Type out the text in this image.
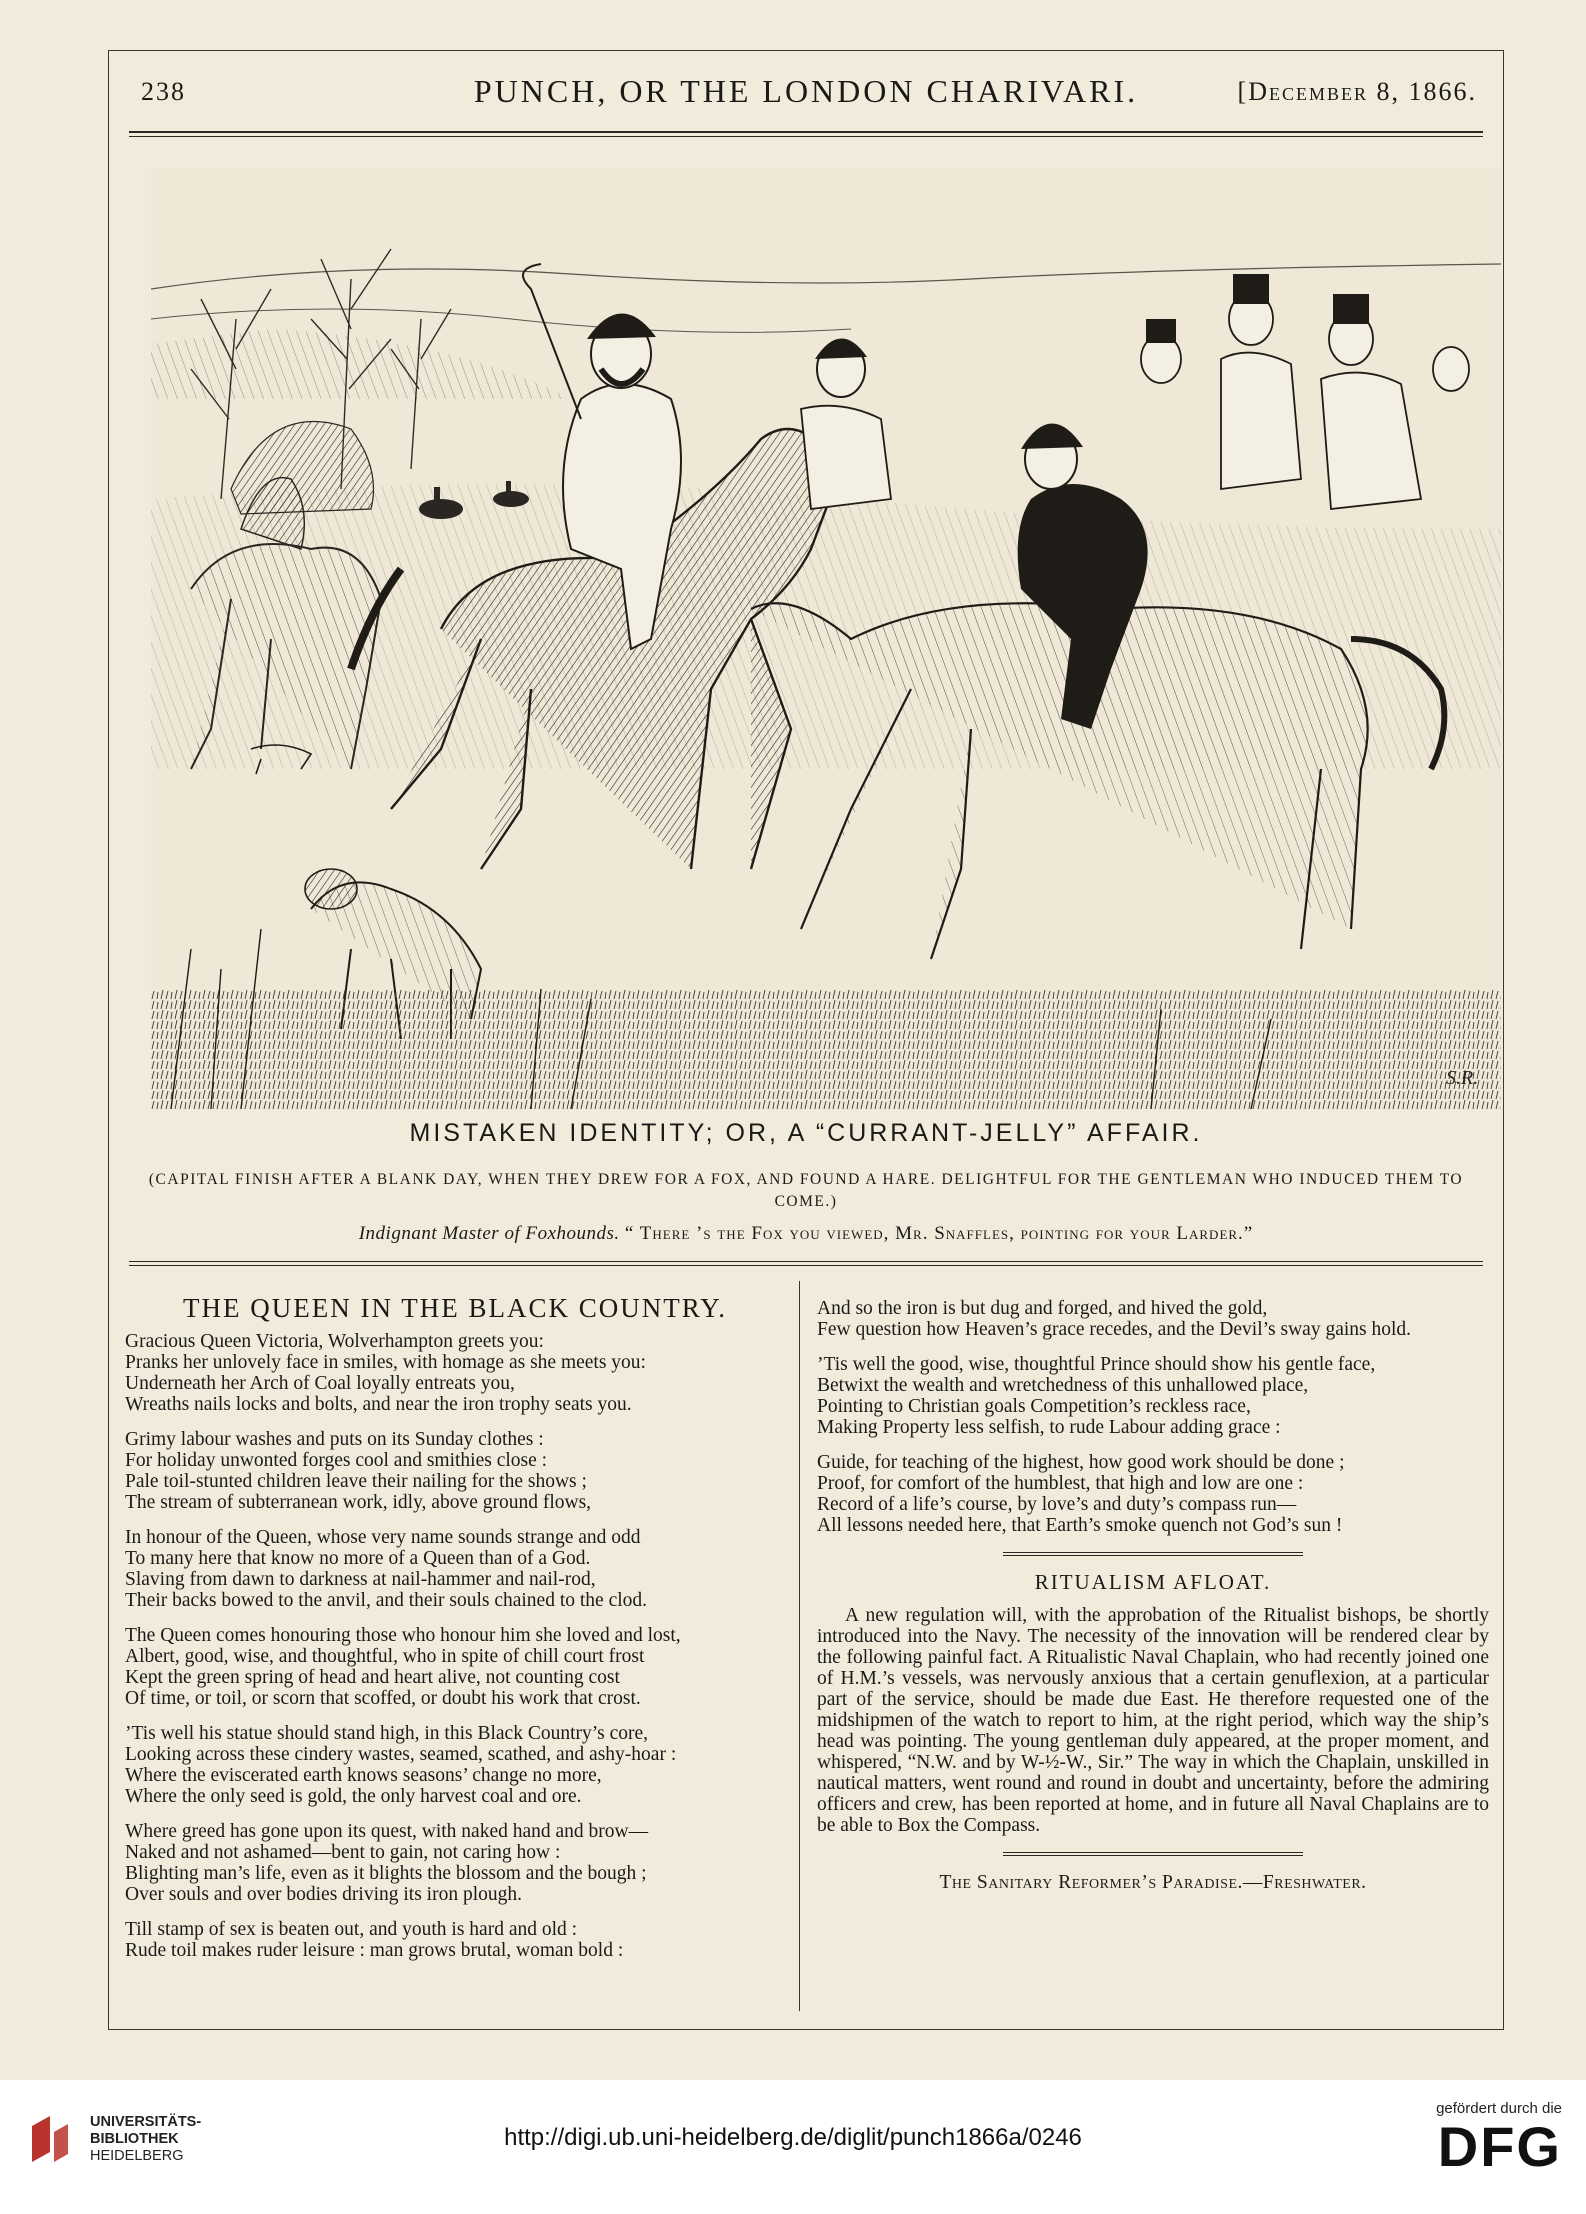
238	PUNCH, OR THE LONDON CHARIVARI.	[December 8, 1866.
S.R.
MISTAKEN IDENTITY; OR, A “CURRANT-JELLY” AFFAIR.
(CAPITAL FINISH AFTER A BLANK DAY, WHEN THEY DREW FOR A FOX, AND FOUND A HARE. DELIGHTFUL FOR THE GENTLEMAN WHO INDUCED THEM TO COME.)
Indignant Master of Foxhounds. “ There ’s the Fox you viewed, Mr. Snaffles, pointing for your Larder.”
THE QUEEN IN THE BLACK COUNTRY.
Gracious Queen Victoria, Wolverhampton greets you:
Pranks her unlovely face in smiles, with homage as she meets you:
Underneath her Arch of Coal loyally entreats you,
Wreaths nails locks and bolts, and near the iron trophy seats you.
Grimy labour washes and puts on its Sunday clothes :
For holiday unwonted forges cool and smithies close :
Pale toil-stunted children leave their nailing for the shows ;
The stream of subterranean work, idly, above ground flows,
In honour of the Queen, whose very name sounds strange and odd
To many here that know no more of a Queen than of a God.
Slaving from dawn to darkness at nail-hammer and nail-rod,
Their backs bowed to the anvil, and their souls chained to the clod.
The Queen comes honouring those who honour him she loved and lost,
Albert, good, wise, and thoughtful, who in spite of chill court frost
Kept the green spring of head and heart alive, not counting cost
Of time, or toil, or scorn that scoffed, or doubt his work that crost.
’Tis well his statue should stand high, in this Black Country’s core,
Looking across these cindery wastes, seamed, scathed, and ashy-hoar :
Where the eviscerated earth knows seasons’ change no more,
Where the only seed is gold, the only harvest coal and ore.
Where greed has gone upon its quest, with naked hand and brow—
Naked and not ashamed—bent to gain, not caring how :
Blighting man’s life, even as it blights the blossom and the bough ;
Over souls and over bodies driving its iron plough.
Till stamp of sex is beaten out, and youth is hard and old :
Rude toil makes ruder leisure : man grows brutal, woman bold :
And so the iron is but dug and forged, and hived the gold,
Few question how Heaven’s grace recedes, and the Devil’s sway gains hold.
’Tis well the good, wise, thoughtful Prince should show his gentle face,
Betwixt the wealth and wretchedness of this unhallowed place,
Pointing to Christian goals Competition’s reckless race,
Making Property less selfish, to rude Labour adding grace :
Guide, for teaching of the highest, how good work should be done ;
Proof, for comfort of the humblest, that high and low are one :
Record of a life’s course, by love’s and duty’s compass run—
All lessons needed here, that Earth’s smoke quench not God’s sun !
RITUALISM AFLOAT.
A new regulation will, with the approbation of the Ritualist bishops, be shortly introduced into the Navy. The necessity of the innovation will be rendered clear by the following painful fact. A Ritualistic Naval Chaplain, who had recently joined one of H.M.’s vessels, was nervously anxious that a certain genuflexion, at a particular part of the service, should be made due East. He therefore requested one of the midshipmen of the watch to report to him, at the right period, which way the ship’s head was pointing. The young gentleman duly appeared, at the proper moment, and whispered, “N.W. and by W-½-W., Sir.” The way in which the Chaplain, unskilled in nautical matters, went round and round in doubt and uncertainty, before the admiring officers and crew, has been reported at home, and in future all Naval Chaplains are to be able to Box the Compass.
The Sanitary Reformer’s Paradise.—Freshwater.
UNIVERSITÄTS-
BIBLIOTHEK
HEIDELBERG
http://digi.ub.uni-heidelberg.de/diglit/punch1866a/0246
gefördert durch die
DFG
